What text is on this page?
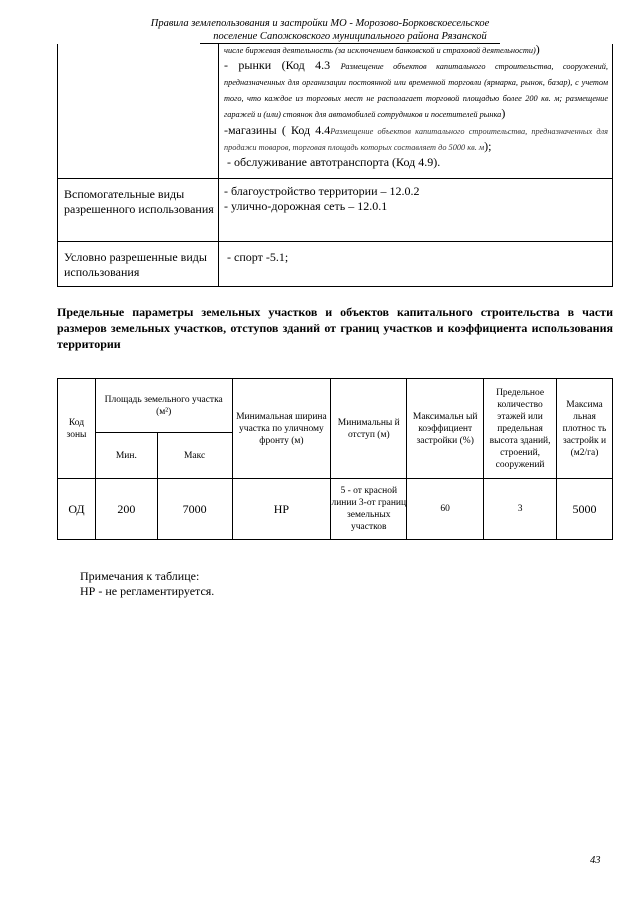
Правила землепользования и застройки МО - Морозово-Борковскоесельское
поселение Сапожковского муниципального района Рязанской

	числе биржевая деятельность (за исключением банковской и страховой деятельности))
- рынки (Код 4.3 Размещение объектов капитального строительства, сооружений, предназначенных для организации постоянной или временной торговли (ярмарка, рынок, базар), с учетом того, что каждое из торговых мест не располагает торговой площадью более 200 кв. м; размещение гаражей и (или) стоянок для автомобилей сотрудников и посетителей рынка)
-магазины ( Код 4.4Размещение объектов капитального строительства, предназначенных для продажи товаров, торговая площадь которых составляет до 5000 кв. м);
- обслуживание автотранспорта (Код 4.9).

Вспомогательные виды разрешенного использования	- благоустройство территории – 12.0.2
- улично-дорожная сеть – 12.0.1

Условно разрешенные виды использования	- спорт -5.1;
Предельные параметры земельных участков и объектов капитального строительства в части размеров земельных участков, отступов зданий от границ участков и коэффициента использования территории
Код зоны	Площадь земельного участка (м²)		Минимальная ширина участка по уличному фронту (м)	Минимальны й отступ (м)	Максимальн ый коэффициент застройки (%)	Предельное количество этажей или предельная высота зданий, строений, сооружений	Максима льная плотнос ть застройк и (м2/га)
	Мин.	Макс					
ОД	200	7000	НР	5 - от красной линии 3-от границ земельных участков	60	3	5000
Примечания к таблице:
НР - не регламентируется.
43
